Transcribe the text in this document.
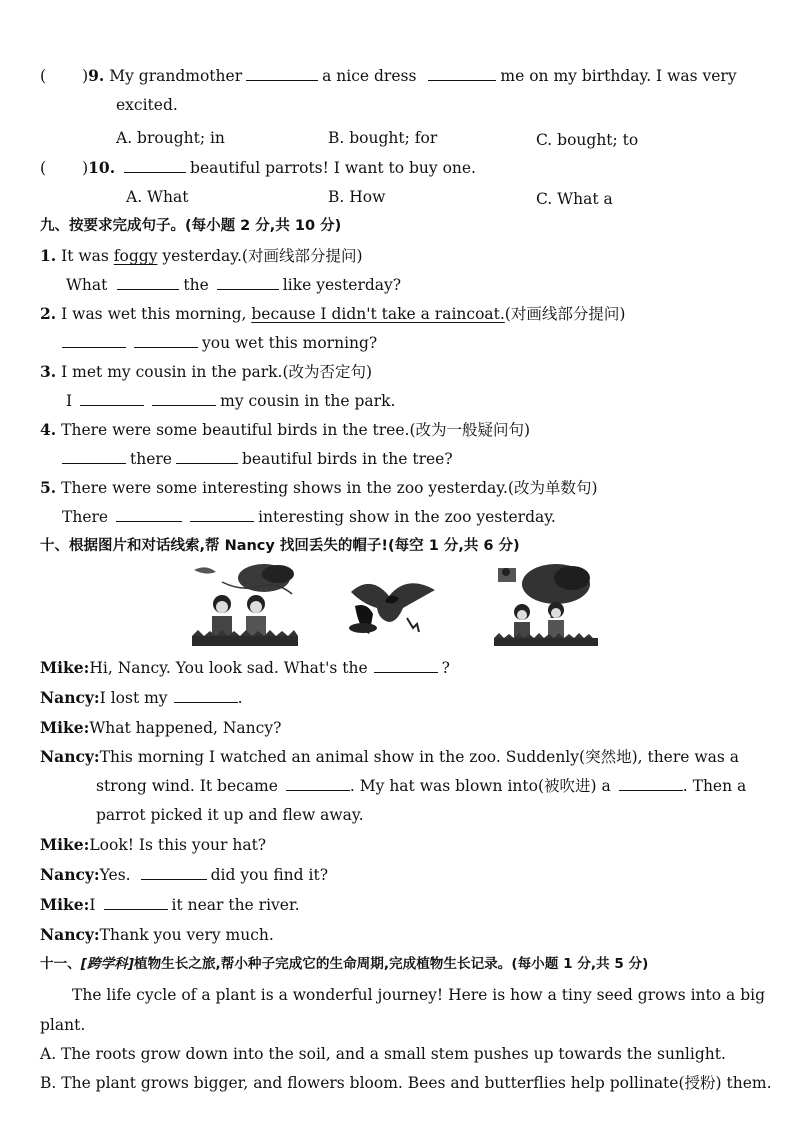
( )9. My grandmother	a nice dress	me on my birthday. I was very
excited.
A. brought; in	B. bought; for	C. bought; to
( )10.	beautiful parrots! I want to buy one.
A. What	B. How	C. What a
九、按要求完成句子。(每小题 2 分,共 10 分)
1. It was foggy yesterday.(对画线部分提问)
What	the	like yesterday?
2. I was wet this morning, because I didn't take a raincoat.(对画线部分提问)
you wet this morning?
3. I met my cousin in the park.(改为否定句)
I	my cousin in the park.
4. There were some beautiful birds in the tree.(改为一般疑问句)
there	beautiful birds in the tree?
5. There were some interesting shows in the zoo yesterday.(改为单数句)
There	interesting show in the zoo yesterday.
十、根据图片和对话线索,帮 Nancy 找回丢失的帽子!(每空 1 分,共 6 分)
Mike:Hi, Nancy. You look sad. What's the	?
Nancy:I lost my	.
Mike:What happened, Nancy?
Nancy:This morning I watched an animal show in the zoo. Suddenly(突然地), there was a
strong wind. It became	. My hat was blown into(被吹进) a	. Then a
parrot picked it up and flew away.
Mike:Look! Is this your hat?
Nancy:Yes.	did you find it?
Mike:I	it near the river.
Nancy:Thank you very much.
十一、[跨学科]植物生长之旅,帮小种子完成它的生命周期,完成植物生长记录。(每小题 1 分,共 5 分)
The life cycle of a plant is a wonderful journey! Here is how a tiny seed grows into a big
plant.
A. The roots grow down into the soil, and a small stem pushes up towards the sunlight.
B. The plant grows bigger, and flowers bloom. Bees and butterflies help pollinate(授粉) them.
